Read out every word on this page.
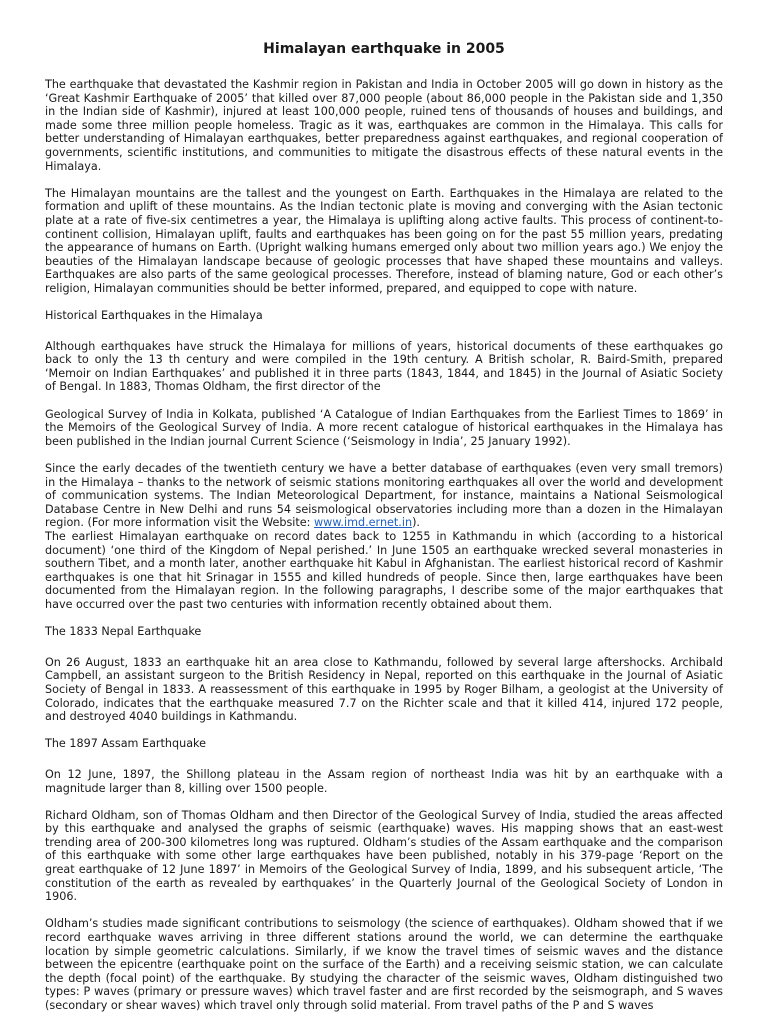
Himalayan earthquake in 2005

The earthquake that devastated the Kashmir region in Pakistan and India in October 2005 will go down in history as the ‘Great Kashmir Earthquake of 2005’ that killed over 87,000 people (about 86,000 people in the Pakistan side and 1,350 in the Indian side of Kashmir), injured at least 100,000 people, ruined tens of thousands of houses and buildings, and made some three million people homeless. Tragic as it was, earthquakes are common in the Himalaya. This calls for better understanding of Himalayan earthquakes, better preparedness against earthquakes, and regional cooperation of governments, scientific institutions, and communities to mitigate the disastrous effects of these natural events in the Himalaya.

The Himalayan mountains are the tallest and the youngest on Earth. Earthquakes in the Himalaya are related to the formation and uplift of these mountains. As the Indian tectonic plate is moving and converging with the Asian tectonic plate at a rate of five-six centimetres a year, the Himalaya is uplifting along active faults. This process of continent-to-continent collision, Himalayan uplift, faults and earthquakes has been going on for the past 55 million years, predating the appearance of humans on Earth. (Upright walking humans emerged only about two million years ago.) We enjoy the beauties of the Himalayan landscape because of geologic processes that have shaped these mountains and valleys. Earthquakes are also parts of the same geological processes. Therefore, instead of blaming nature, God or each other’s religion, Himalayan communities should be better informed, prepared, and equipped to cope with nature.

Historical Earthquakes in the Himalaya

Although earthquakes have struck the Himalaya for millions of years, historical documents of these earthquakes go back to only the 13 th century and were compiled in the 19th century. A British scholar, R. Baird-Smith, prepared ‘Memoir on Indian Earthquakes’ and published it in three parts (1843, 1844, and 1845) in the Journal of Asiatic Society of Bengal. In 1883, Thomas Oldham, the first director of the

Geological Survey of India in Kolkata, published ‘A Catalogue of Indian Earthquakes from the Earliest Times to 1869’ in the Memoirs of the Geological Survey of India. A more recent catalogue of historical earthquakes in the Himalaya has been published in the Indian journal Current Science (‘Seismology in India’, 25 January 1992).

Since the early decades of the twentieth century we have a better database of earthquakes (even very small tremors) in the Himalaya – thanks to the network of seismic stations monitoring earthquakes all over the world and development of communication systems. The Indian Meteorological Department, for instance, maintains a National Seismological Database Centre in New Delhi and runs 54 seismological observatories including more than a dozen in the Himalayan region. (For more information visit the Website: www.imd.ernet.in).

The earliest Himalayan earthquake on record dates back to 1255 in Kathmandu in which (according to a historical document) ‘one third of the Kingdom of Nepal perished.’ In June 1505 an earthquake wrecked several monasteries in southern Tibet, and a month later, another earthquake hit Kabul in Afghanistan. The earliest historical record of Kashmir earthquakes is one that hit Srinagar in 1555 and killed hundreds of people. Since then, large earthquakes have been documented from the Himalayan region. In the following paragraphs, I describe some of the major earthquakes that have occurred over the past two centuries with information recently obtained about them.

The 1833 Nepal Earthquake

On 26 August, 1833 an earthquake hit an area close to Kathmandu, followed by several large aftershocks. Archibald Campbell, an assistant surgeon to the British Residency in Nepal, reported on this earthquake in the Journal of Asiatic Society of Bengal in 1833. A reassessment of this earthquake in 1995 by Roger Bilham, a geologist at the University of Colorado, indicates that the earthquake measured 7.7 on the Richter scale and that it killed 414, injured 172 people, and destroyed 4040 buildings in Kathmandu.

The 1897 Assam Earthquake

On 12 June, 1897, the Shillong plateau in the Assam region of northeast India was hit by an earthquake with a magnitude larger than 8, killing over 1500 people.

Richard Oldham, son of Thomas Oldham and then Director of the Geological Survey of India, studied the areas affected by this earthquake and analysed the graphs of seismic (earthquake) waves. His mapping shows that an east-west trending area of 200-300 kilometres long was ruptured. Oldham’s studies of the Assam earthquake and the comparison of this earthquake with some other large earthquakes have been published, notably in his 379-page ‘Report on the great earthquake of 12 June 1897’ in Memoirs of the Geological Survey of India, 1899, and his subsequent article, ‘The constitution of the earth as revealed by earthquakes’ in the Quarterly Journal of the Geological Society of London in 1906.

Oldham’s studies made significant contributions to seismology (the science of earthquakes). Oldham showed that if we record earthquake waves arriving in three different stations around the world, we can determine the earthquake location by simple geometric calculations. Similarly, if we know the travel times of seismic waves and the distance between the epicentre (earthquake point on the surface of the Earth) and a receiving seismic station, we can calculate the depth (focal point) of the earthquake. By studying the character of the seismic waves, Oldham distinguished two types: P waves (primary or pressure waves) which travel faster and are first recorded by the seismograph, and S waves (secondary or shear waves) which travel only through solid material. From travel paths of the P and S waves
